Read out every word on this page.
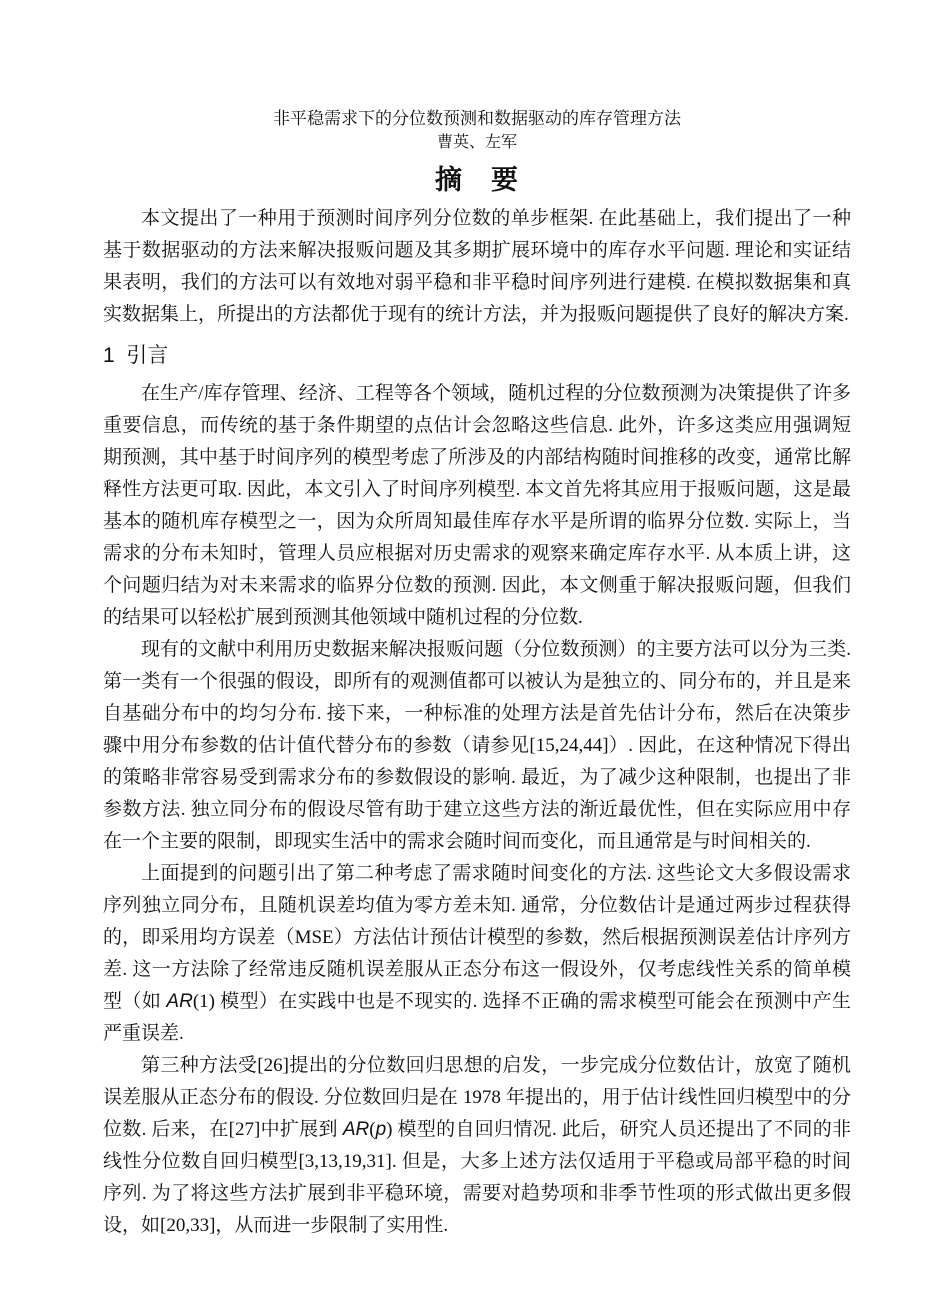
非平稳需求下的分位数预测和数据驱动的库存管理方法

曹英、左军

摘　要

本文提出了一种用于预测时间序列分位数的单步框架. 在此基础上，我们提出了一种基于数据驱动的方法来解决报贩问题及其多期扩展环境中的库存水平问题. 理论和实证结果表明，我们的方法可以有效地对弱平稳和非平稳时间序列进行建模. 在模拟数据集和真实数据集上，所提出的方法都优于现有的统计方法，并为报贩问题提供了良好的解决方案.

1 引言

在生产/库存管理、经济、工程等各个领域，随机过程的分位数预测为决策提供了许多重要信息，而传统的基于条件期望的点估计会忽略这些信息. 此外，许多这类应用强调短期预测，其中基于时间序列的模型考虑了所涉及的内部结构随时间推移的改变，通常比解释性方法更可取. 因此，本文引入了时间序列模型. 本文首先将其应用于报贩问题，这是最基本的随机库存模型之一，因为众所周知最佳库存水平是所谓的临界分位数. 实际上，当需求的分布未知时，管理人员应根据对历史需求的观察来确定库存水平. 从本质上讲，这个问题归结为对未来需求的临界分位数的预测. 因此，本文侧重于解决报贩问题，但我们的结果可以轻松扩展到预测其他领域中随机过程的分位数.

现有的文献中利用历史数据来解决报贩问题（分位数预测）的主要方法可以分为三类. 第一类有一个很强的假设，即所有的观测值都可以被认为是独立的、同分布的，并且是来自基础分布中的均匀分布. 接下来，一种标准的处理方法是首先估计分布，然后在决策步骤中用分布参数的估计值代替分布的参数（请参见[15,24,44]）. 因此，在这种情况下得出的策略非常容易受到需求分布的参数假设的影响. 最近，为了减少这种限制，也提出了非参数方法. 独立同分布的假设尽管有助于建立这些方法的渐近最优性，但在实际应用中存在一个主要的限制，即现实生活中的需求会随时间而变化，而且通常是与时间相关的.

上面提到的问题引出了第二种考虑了需求随时间变化的方法. 这些论文大多假设需求序列独立同分布，且随机误差均值为零方差未知. 通常，分位数估计是通过两步过程获得的，即采用均方误差（MSE）方法估计预估计模型的参数，然后根据预测误差估计序列方差. 这一方法除了经常违反随机误差服从正态分布这一假设外，仅考虑线性关系的简单模型（如 AR(1) 模型）在实践中也是不现实的. 选择不正确的需求模型可能会在预测中产生严重误差.

第三种方法受[26]提出的分位数回归思想的启发，一步完成分位数估计，放宽了随机误差服从正态分布的假设. 分位数回归是在 1978 年提出的，用于估计线性回归模型中的分位数. 后来，在[27]中扩展到 AR(p) 模型的自回归情况. 此后，研究人员还提出了不同的非线性分位数自回归模型[3,13,19,31]. 但是，大多上述方法仅适用于平稳或局部平稳的时间序列. 为了将这些方法扩展到非平稳环境，需要对趋势项和非季节性项的形式做出更多假设，如[20,33]，从而进一步限制了实用性.
